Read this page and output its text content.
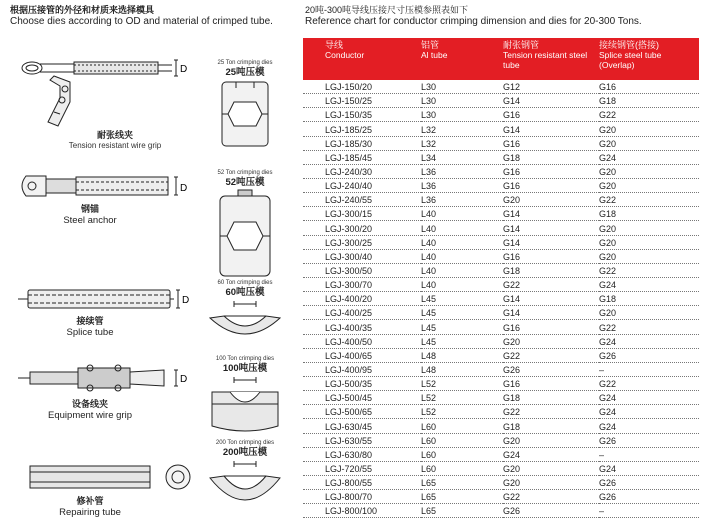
根据压接管的外径和材质来选择模具
Choose dies according to OD and material of crimped tube.
20吨-300吨导线压接尺寸压模参照表如下
Reference chart for conductor crimping dimension and dies for 20-300 Tons.
D
耐张线夹
Tension resistant wire grip
D
钢锚
Steel anchor
D
接续管
Splice tube
D
设备线夹
Equipment wire grip
修补管
Repairing tube
25 Ton crimping dies
25吨压模
52 Ton crimping dies
52吨压模
60 Ton crimping dies
60吨压模
100 Ton crimping dies
100吨压模
200 Ton crimping dies
200吨压模
导线
Conductor	铝管
Al tube	耐张钢管
Tension resistant steel tube	接续钢管(搭接)
Splice steel tube (Overlap)

LGJ-150/20	L30	G12	G16
LGJ-150/25	L30	G14	G18
LGJ-150/35	L30	G16	G22
LGJ-185/25	L32	G14	G20
LGJ-185/30	L32	G16	G20
LGJ-185/45	L34	G18	G24
LGJ-240/30	L36	G16	G20
LGJ-240/40	L36	G16	G20
LGJ-240/55	L36	G20	G22
LGJ-300/15	L40	G14	G18
LGJ-300/20	L40	G14	G20
LGJ-300/25	L40	G14	G20
LGJ-300/40	L40	G16	G20
LGJ-300/50	L40	G18	G22
LGJ-300/70	L40	G22	G24
LGJ-400/20	L45	G14	G18
LGJ-400/25	L45	G14	G20
LGJ-400/35	L45	G16	G22
LGJ-400/50	L45	G20	G24
LGJ-400/65	L48	G22	G26
LGJ-400/95	L48	G26	–
LGJ-500/35	L52	G16	G22
LGJ-500/45	L52	G18	G24
LGJ-500/65	L52	G22	G24
LGJ-630/45	L60	G18	G24
LGJ-630/55	L60	G20	G26
LGJ-630/80	L60	G24	–
LGJ-720/55	L60	G20	G24
LGJ-800/55	L65	G20	G26
LGJ-800/70	L65	G22	G26
LGJ-800/100	L65	G26	–
